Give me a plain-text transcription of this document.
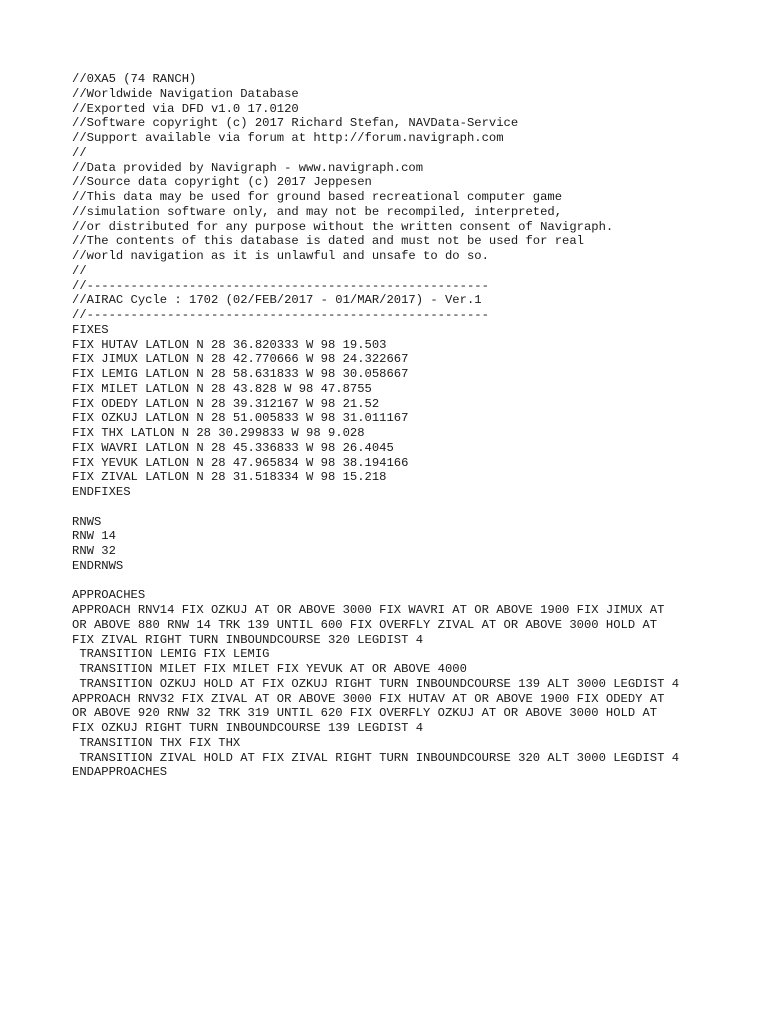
//0XA5 (74 RANCH)
//Worldwide Navigation Database
//Exported via DFD v1.0 17.0120
//Software copyright (c) 2017 Richard Stefan, NAVData-Service
//Support available via forum at http://forum.navigraph.com
//
//Data provided by Navigraph - www.navigraph.com
//Source data copyright (c) 2017 Jeppesen
//This data may be used for ground based recreational computer game
//simulation software only, and may not be recompiled, interpreted,
//or distributed for any purpose without the written consent of Navigraph.
//The contents of this database is dated and must not be used for real
//world navigation as it is unlawful and unsafe to do so.
//
//-------------------------------------------------------
//AIRAC Cycle : 1702 (02/FEB/2017 - 01/MAR/2017) - Ver.1
//-------------------------------------------------------
FIXES
FIX HUTAV LATLON N 28 36.820333 W 98 19.503
FIX JIMUX LATLON N 28 42.770666 W 98 24.322667
FIX LEMIG LATLON N 28 58.631833 W 98 30.058667
FIX MILET LATLON N 28 43.828 W 98 47.8755
FIX ODEDY LATLON N 28 39.312167 W 98 21.52
FIX OZKUJ LATLON N 28 51.005833 W 98 31.011167
FIX THX LATLON N 28 30.299833 W 98 9.028
FIX WAVRI LATLON N 28 45.336833 W 98 26.4045
FIX YEVUK LATLON N 28 47.965834 W 98 38.194166
FIX ZIVAL LATLON N 28 31.518334 W 98 15.218
ENDFIXES
RNWS
RNW 14
RNW 32
ENDRNWS
APPROACHES
APPROACH RNV14 FIX OZKUJ AT OR ABOVE 3000 FIX WAVRI AT OR ABOVE 1900 FIX JIMUX AT
OR ABOVE 880 RNW 14 TRK 139 UNTIL 600 FIX OVERFLY ZIVAL AT OR ABOVE 3000 HOLD AT
FIX ZIVAL RIGHT TURN INBOUNDCOURSE 320 LEGDIST 4
TRANSITION LEMIG FIX LEMIG
TRANSITION MILET FIX MILET FIX YEVUK AT OR ABOVE 4000
TRANSITION OZKUJ HOLD AT FIX OZKUJ RIGHT TURN INBOUNDCOURSE 139 ALT 3000 LEGDIST 4
APPROACH RNV32 FIX ZIVAL AT OR ABOVE 3000 FIX HUTAV AT OR ABOVE 1900 FIX ODEDY AT
OR ABOVE 920 RNW 32 TRK 319 UNTIL 620 FIX OVERFLY OZKUJ AT OR ABOVE 3000 HOLD AT
FIX OZKUJ RIGHT TURN INBOUNDCOURSE 139 LEGDIST 4
TRANSITION THX FIX THX
TRANSITION ZIVAL HOLD AT FIX ZIVAL RIGHT TURN INBOUNDCOURSE 320 ALT 3000 LEGDIST 4
ENDAPPROACHES
